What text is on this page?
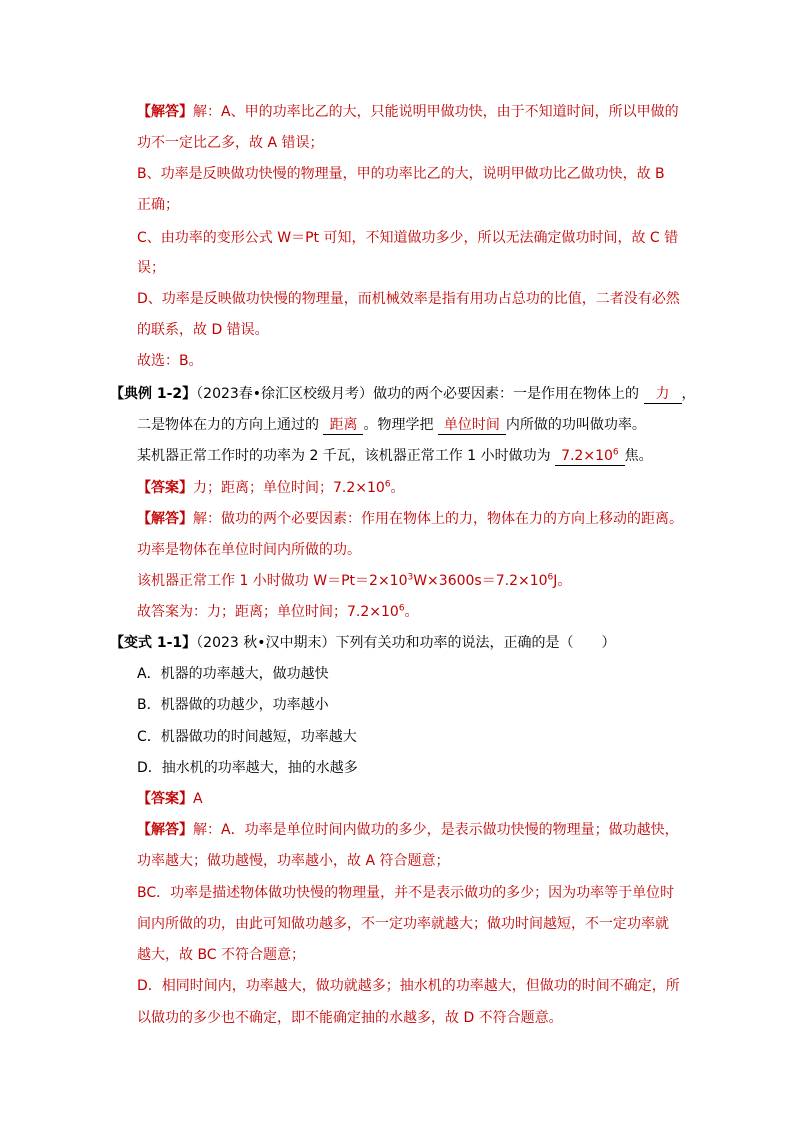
【解答】解：A、甲的功率比乙的大，只能说明甲做功快，由于不知道时间，所以甲做的
功不一定比乙多，故 A 错误；
B、功率是反映做功快慢的物理量，甲的功率比乙的大，说明甲做功比乙做功快，故 B
正确；
C、由功率的变形公式 W＝Pt 可知，不知道做功多少，所以无法确定做功时间，故 C 错
误；
D、功率是反映做功快慢的物理量，而机械效率是指有用功占总功的比值，二者没有必然
的联系，故 D 错误。
故选：B。
【典例 1-2】（2023春•徐汇区校级月考）做功的两个必要因素：一是作用在物体上的 力 ，
二是物体在力的方向上通过的 距离 。物理学把 单位时间 内所做的功叫做功率。
某机器正常工作时的功率为 2 千瓦，该机器正常工作 1 小时做功为 $7.2\times 10^6$ 焦。
【答案】力；距离；单位时间；$7.2\times 10^6$。
【解答】解：做功的两个必要因素：作用在物体上的力，物体在力的方向上移动的距离。
功率是物体在单位时间内所做的功。
该机器正常工作 1 小时做功 $W=Pt=2\times 10^3W\times 3600s=7.2\times 10^6J$。
故答案为：力；距离；单位时间；$7.2\times 10^6$。
【变式 1-1】（2023 秋•汉中期末）下列有关功和功率的说法，正确的是（　　）
A．机器的功率越大，做功越快
B．机器做的功越少，功率越小
C．机器做功的时间越短，功率越大
D．抽水机的功率越大，抽的水越多
【答案】A
【解答】解：A．功率是单位时间内做功的多少，是表示做功快慢的物理量；做功越快，
功率越大；做功越慢，功率越小，故 A 符合题意；
BC．功率是描述物体做功快慢的物理量，并不是表示做功的多少；因为功率等于单位时
间内所做的功，由此可知做功越多，不一定功率就越大；做功时间越短，不一定功率就
越大，故 BC 不符合题意；
D．相同时间内，功率越大，做功就越多；抽水机的功率越大，但做功的时间不确定，所
以做功的多少也不确定，即不能确定抽的水越多，故 D 不符合题意。
